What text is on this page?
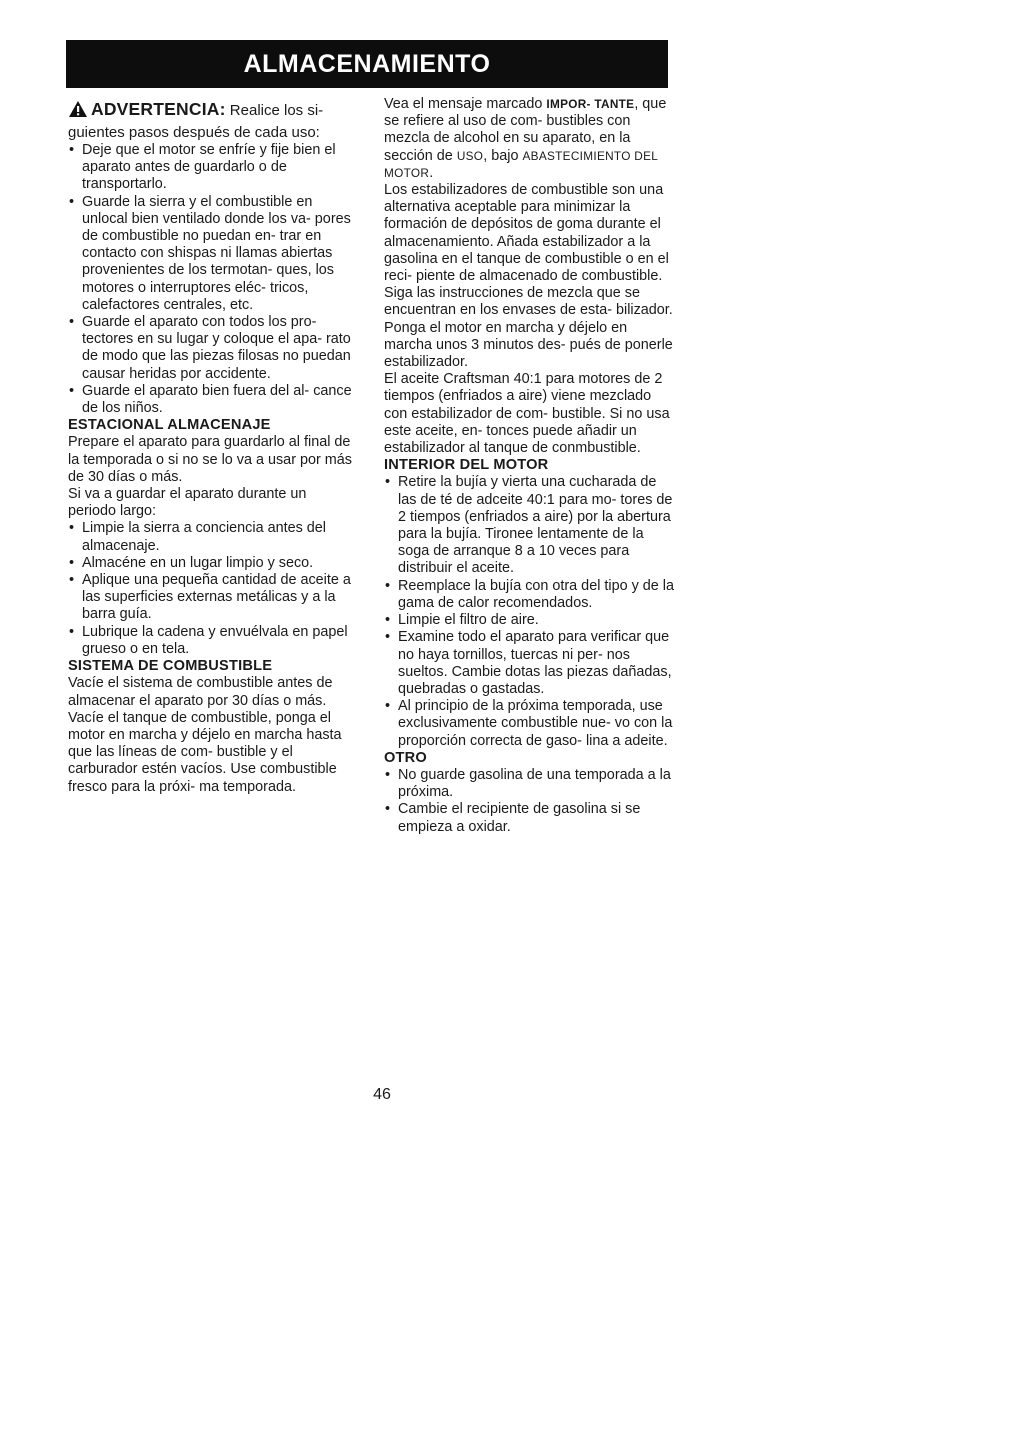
ALMACENAMIENTO

ADVERTENCIA: Realice los si- guientes pasos después de cada uso:

• Deje que el motor se enfríe y fije bien el aparato antes de guardarlo o de transportarlo.
• Guarde la sierra y el combustible en unlocal bien ventilado donde los va- pores de combustible no puedan en- trar en contacto con shispas ni llamas abiertas provenientes de los termotan- ques, los motores o interruptores eléc- tricos, calefactores centrales, etc.
• Guarde el aparato con todos los pro- tectores en su lugar y coloque el apa- rato de modo que las piezas filosas no puedan causar heridas por accidente.
• Guarde el aparato bien fuera del al- cance de los niños.
ESTACIONAL ALMACENAJE

Prepare el aparato para guardarlo al final de la temporada o si no se lo va a usar por más de 30 días o más.

Si va a guardar el aparato durante un periodo largo:

• Limpie la sierra a conciencia antes del almacenaje.
• Almacéne en un lugar limpio y seco.
• Aplique una pequeña cantidad de aceite a las superficies externas metálicas y a la barra guía.
• Lubrique la cadena y envuélvala en papel grueso o en tela.
SISTEMA DE COMBUSTIBLE

Vacíe el sistema de combustible antes de almacenar el aparato por 30 días o más. Vacíe el tanque de combustible, ponga el motor en marcha y déjelo en marcha hasta que las líneas de com- bustible y el carburador estén vacíos. Use combustible fresco para la próxi- ma temporada.

Vea el mensaje marcado IMPOR- TANTE, que se refiere al uso de com- bustibles con mezcla de alcohol en su aparato, en la sección de USO, bajo ABASTECIMIENTO DEL MOTOR.

Los estabilizadores de combustible son una alternativa aceptable para minimizar la formación de depósitos de goma durante el almacenamiento. Añada estabilizador a la gasolina en el tanque de combustible o en el reci- piente de almacenado de combustible. Siga las instrucciones de mezcla que se encuentran en los envases de esta- bilizador. Ponga el motor en marcha y déjelo en marcha unos 3 minutos des- pués de ponerle estabilizador.

El aceite Craftsman 40:1 para motores de 2 tiempos (enfriados a aire) viene mezclado con estabilizador de com- bustible. Si no usa este aceite, en- tonces puede añadir un estabilizador al tanque de conmbustible.

INTERIOR DEL MOTOR
• Retire la bujía y vierta una cucharada de las de té de adceite 40:1 para mo- tores de 2 tiempos (enfriados a aire) por la abertura para la bujía. Tironee lentamente de la soga de arranque 8 a 10 veces para distribuir el aceite.
• Reemplace la bujía con otra del tipo y de la gama de calor recomendados.
• Limpie el filtro de aire.
• Examine todo el aparato para verificar que no haya tornillos, tuercas ni per- nos sueltos. Cambie dotas las piezas dañadas, quebradas o gastadas.
• Al principio de la próxima temporada, use exclusivamente combustible nue- vo con la proporción correcta de gaso- lina a adeite.
OTRO
• No guarde gasolina de una temporada a la próxima.
• Cambie el recipiente de gasolina si se empieza a oxidar.
46
